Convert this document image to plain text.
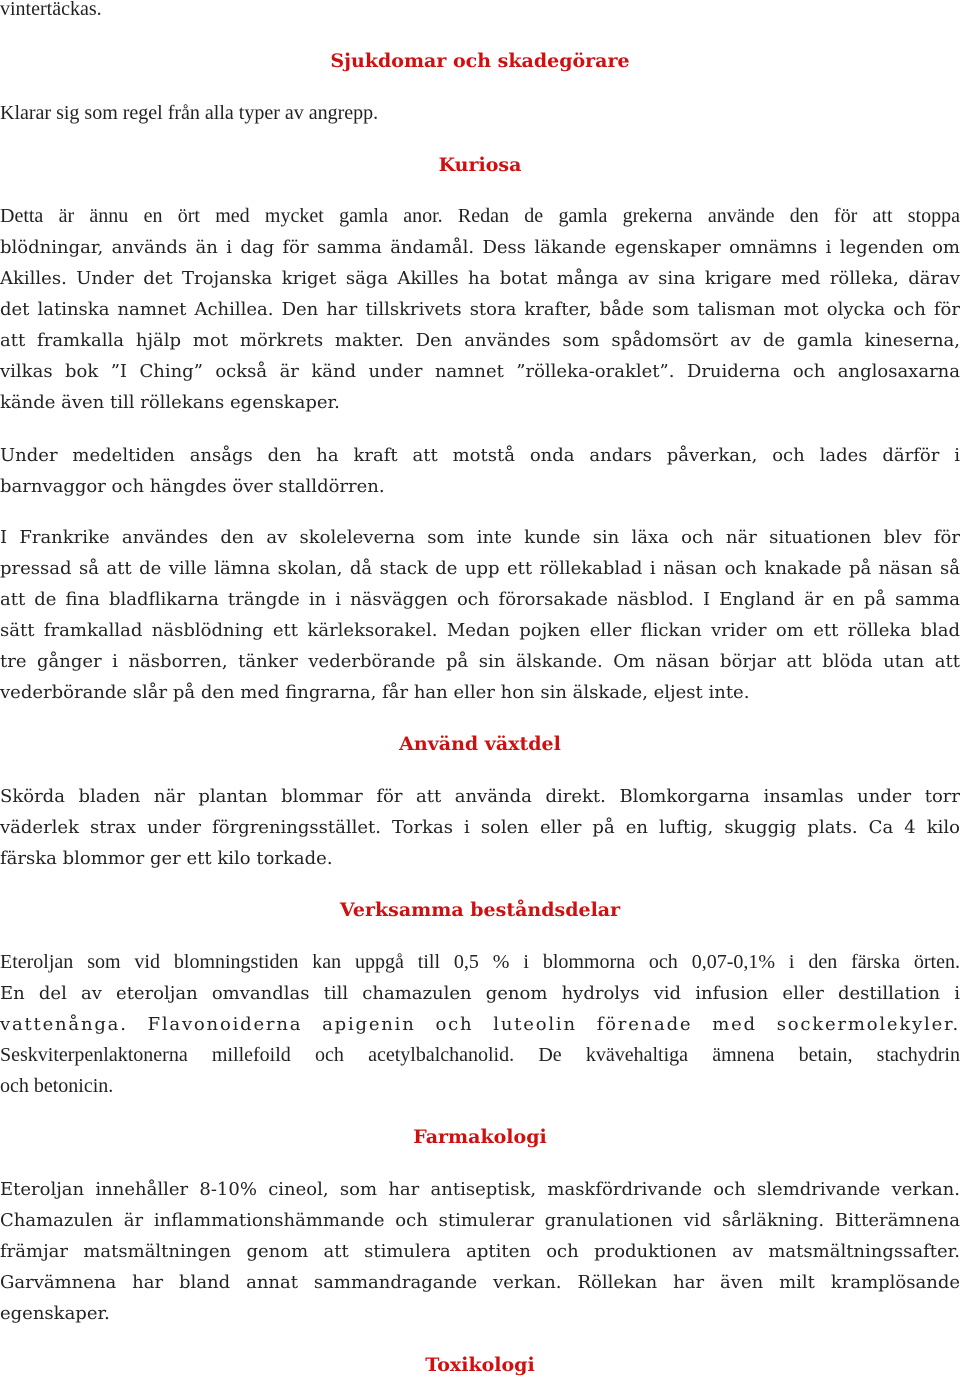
vintertäckas.

Sjukdomar och skadegörare

Klarar sig som regel från alla typer av angrepp.

Kuriosa
Detta är ännu en ört med mycket gamla anor. Redan de gamla grekerna använde den för att stoppa
blödningar, används än i dag för samma ändamål. Dess läkande egenskaper omnämns i legenden om
Akilles. Under det Trojanska kriget säga Akilles ha botat många av sina krigare med rölleka, därav
det latinska namnet Achillea. Den har tillskrivets stora krafter, både som talisman mot olycka och för
att framkalla hjälp mot mörkrets makter. Den användes som spådomsört av de gamla kineserna,
vilkas bok ”I Ching” också är känd under namnet ”rölleka-oraklet”. Druiderna och anglosaxarna
kände även till röllekans egenskaper.
Under medeltiden ansågs den ha kraft att motstå onda andars påverkan, och lades därför i
barnvaggor och hängdes över stalldörren.
I Frankrike användes den av skoleleverna som inte kunde sin läxa och när situationen blev för
pressad så att de ville lämna skolan, då stack de upp ett röllekablad i näsan och knakade på näsan så
att de fina bladflikarna trängde in i näsväggen och förorsakade näsblod. I England är en på samma
sätt framkallad näsblödning ett kärleksorakel. Medan pojken eller flickan vrider om ett rölleka blad
tre gånger i näsborren, tänker vederbörande på sin älskande. Om näsan börjar att blöda utan att
vederbörande slår på den med fingrarna, får han eller hon sin älskade, eljest inte.
Använd växtdel
Skörda bladen när plantan blommar för att använda direkt. Blomkorgarna insamlas under torr
väderlek strax under förgreningsstället. Torkas i solen eller på en luftig, skuggig plats. Ca 4 kilo
färska blommor ger ett kilo torkade.
Verksamma beståndsdelar
Eteroljan som vid blomningstiden kan uppgå till 0,5 % i blommorna och 0,07-0,1% i den färska örten.
En del av eteroljan omvandlas till chamazulen genom hydrolys vid infusion eller destillation i
vattenånga. Flavonoiderna apigenin och luteolin förenade med sockermolekyler.
Seskviterpenlaktonerna millefoild och acetylbalchanolid. De kvävehaltiga ämnena betain, stachydrin
och betonicin.
Farmakologi
Eteroljan innehåller 8-10% cineol, som har antiseptisk, maskfördrivande och slemdrivande verkan.
Chamazulen är inflammationshämmande och stimulerar granulationen vid sårläkning. Bitterämnena
främjar matsmältningen genom att stimulera aptiten och produktionen av matsmältningssafter.
Garvämnena har bland annat sammandragande verkan. Röllekan har även milt kramplösande
egenskaper.
Toxikologi
